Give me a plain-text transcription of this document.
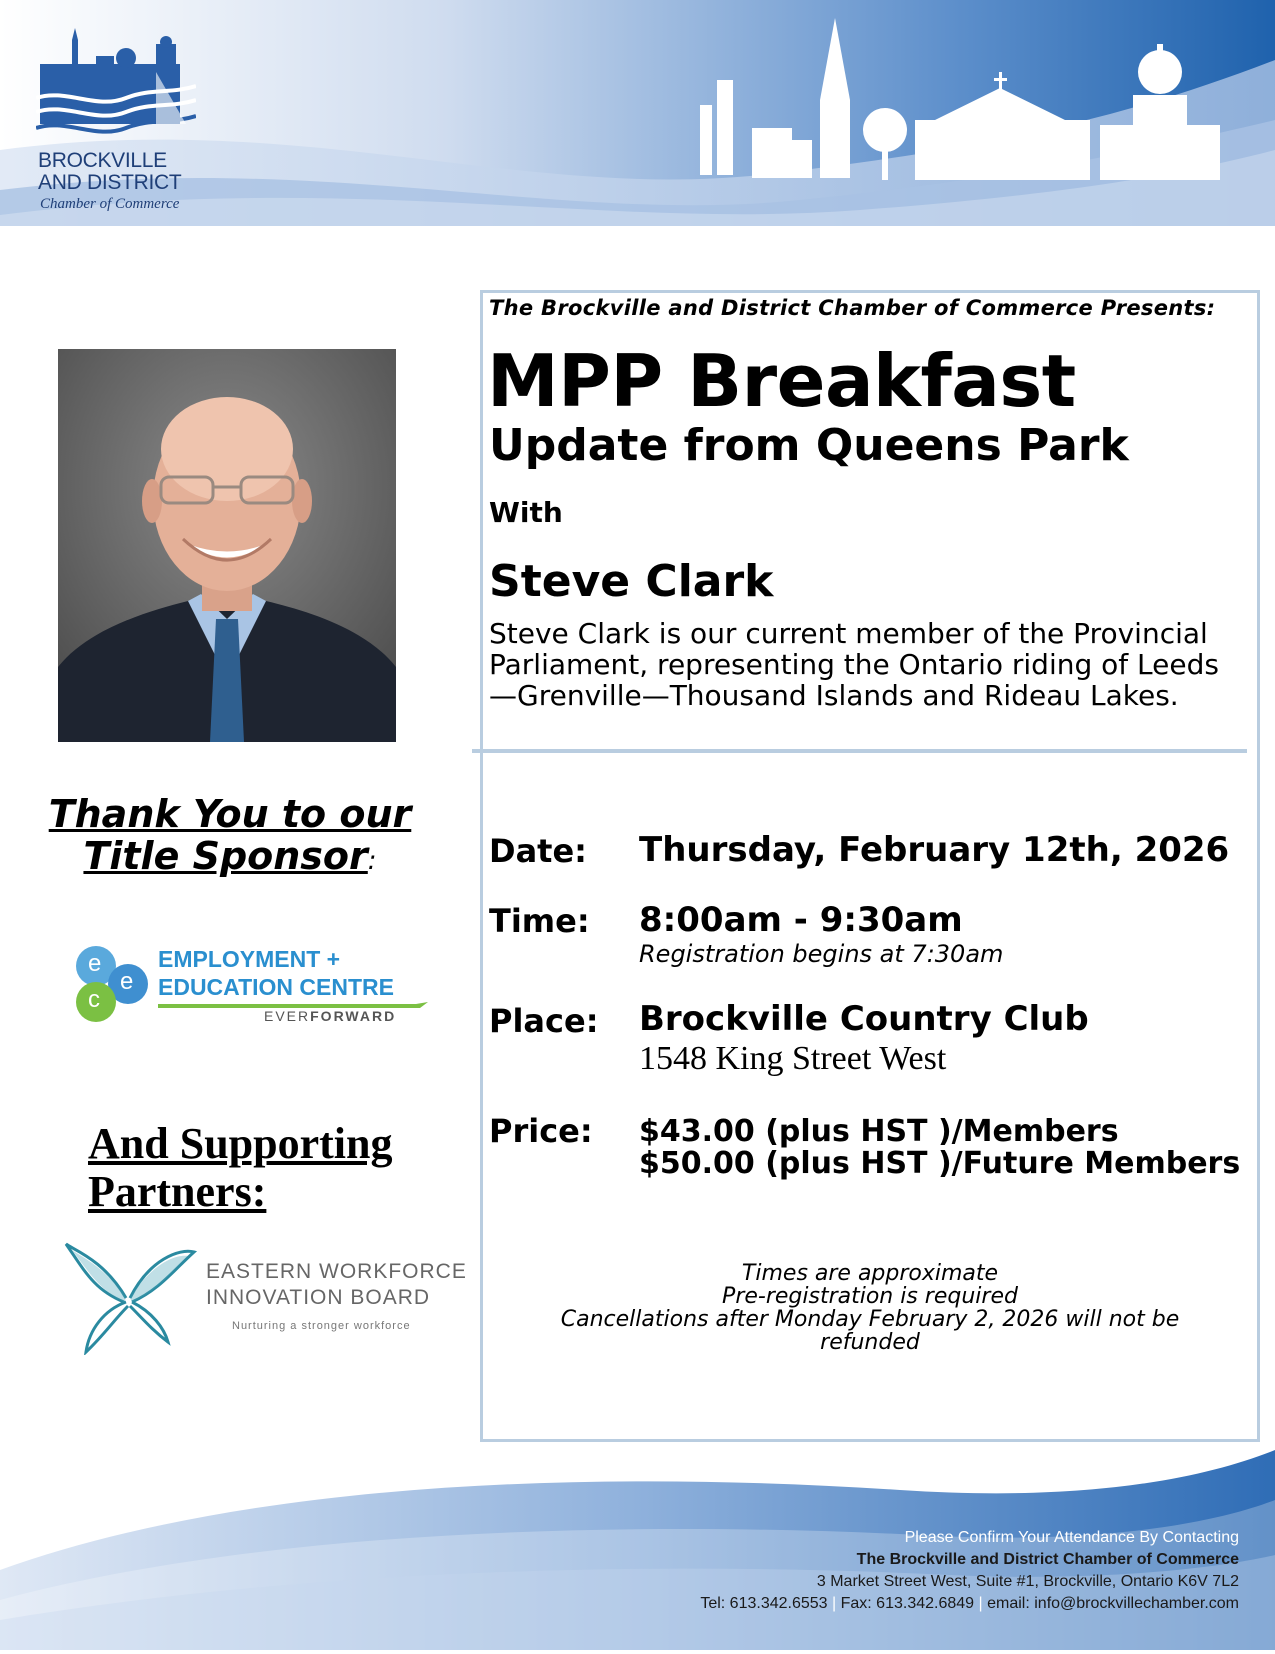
BROCKVILLE
AND DISTRICT
Chamber of Commerce
The Brockville and District Chamber of Commerce Presents:
MPP Breakfast
Update from Queens Park
With
Steve Clark
Steve Clark is our current member of the Provincial Parliament, representing the Ontario riding of Leeds—Grenville—Thousand Islands and Rideau Lakes.
Date: Thursday, February 12th, 2026
Time: 8:00am - 9:30am
Registration begins at 7:30am
Place: Brockville Country Club
1548 King Street West
Price: $43.00 (plus HST )/Members
$50.00 (plus HST )/Future Members
Times are approximate
Pre-registration is required
Cancellations after Monday February 2, 2026 will not be refunded
Thank You to our
Title Sponsor:
e
e
c
EMPLOYMENT +
EDUCATION CENTRE
EVERFORWARD
And Supporting
Partners:
EASTERN WORKFORCE
INNOVATION BOARD
Nurturing a stronger workforce
Please Confirm Your Attendance By Contacting
The Brockville and District Chamber of Commerce
3 Market Street West, Suite #1, Brockville, Ontario K6V 7L2
Tel: 613.342.6553 | Fax: 613.342.6849 | email: info@brockvillechamber.com
